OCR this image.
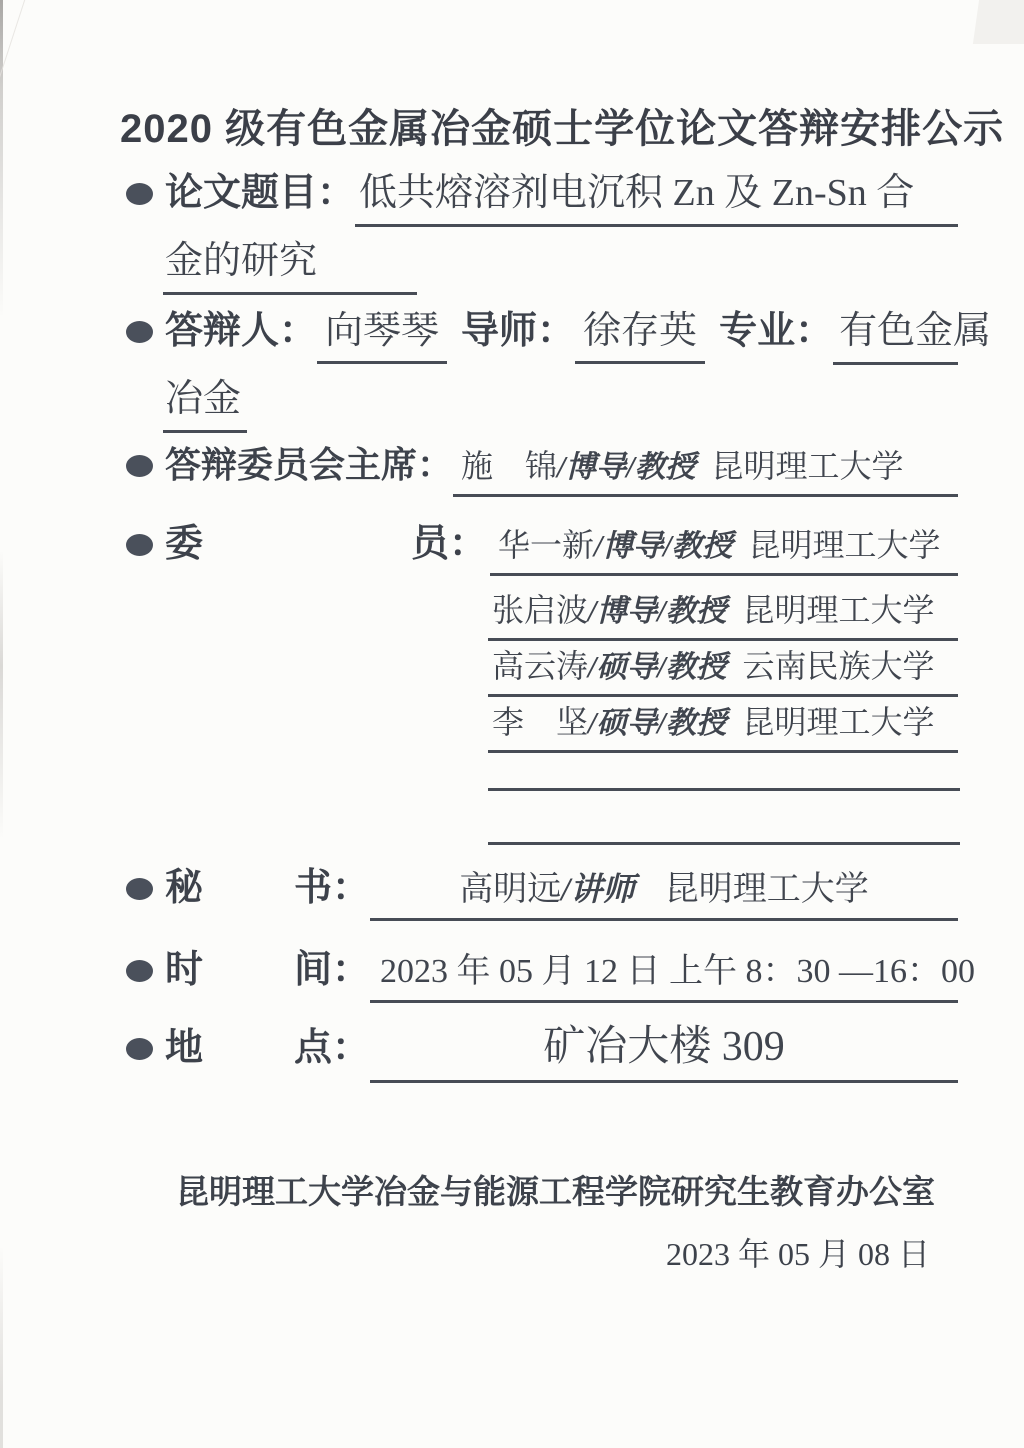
2020 级有色金属冶金硕士学位论文答辩安排公示
论文题目： 低共熔溶剂电沉积 Zn 及 Zn-Sn 合
金的研究
答辩人： 向琴琴 导师： 徐存英 专业： 有色金属
冶金
答辩委员会主席： 施　锦/博导/教授 昆明理工大学
委	员： 华一新/博导/教授 昆明理工大学
张启波 /博导/教授 昆明理工大学
高云涛 /硕导/教授 云南民族大学
李　坚 /硕导/教授 昆明理工大学
秘 书：	高明远/讲师 昆明理工大学
时 间： 2023 年 05 月 12 日 上午 8：30 —16：00
地 点：	矿冶大楼 309
昆明理工大学冶金与能源工程学院研究生教育办公室
2023 年 05 月 08 日
